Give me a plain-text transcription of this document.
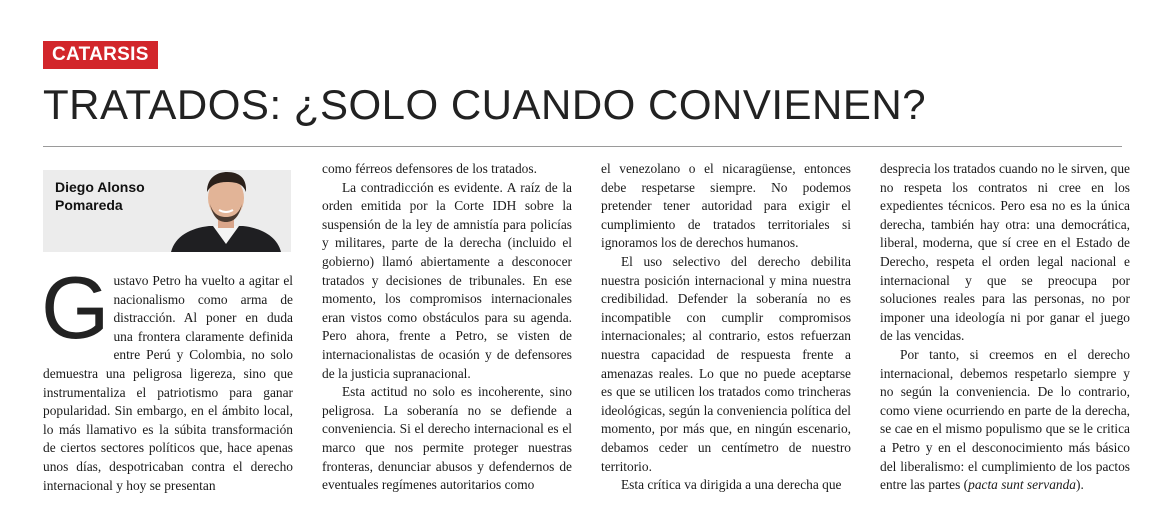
CATARSIS
TRATADOS: ¿SOLO CUANDO CONVIENEN?
Diego Alonso Pomareda
G ustavo Petro ha vuelto a agitar el nacionalismo como arma de distracción. Al poner en duda una frontera claramente definida entre Perú y Colombia, no solo demuestra una peligrosa ligereza, sino que instrumentaliza el patriotismo para ganar popularidad. Sin embargo, en el ámbito local, lo más llamativo es la súbita transformación de ciertos sectores políticos que, hace apenas unos días, despotricaban contra el derecho internacional y hoy se presentan

como férreos defensores de los tratados.

La contradicción es evidente. A raíz de la orden emitida por la Corte IDH sobre la suspensión de la ley de amnistía para policías y militares, parte de la derecha (incluido el gobierno) llamó abiertamente a desconocer tratados y decisiones de tribunales. En ese momento, los compromisos internacionales eran vistos como obstáculos para su agenda. Pero ahora, frente a Petro, se visten de internacionalistas de ocasión y de defensores de la justicia supranacional.

Esta actitud no solo es incoherente, sino peligrosa. La soberanía no se defiende a conveniencia. Si el derecho internacional es el marco que nos permite proteger nuestras fronteras, denunciar abusos y defendernos de eventuales regímenes autoritarios como

el venezolano o el nicaragüense, entonces debe respetarse siempre. No podemos pretender tener autoridad para exigir el cumplimiento de tratados territoriales si ignoramos los de derechos humanos.

El uso selectivo del derecho debilita nuestra posición internacional y mina nuestra credibilidad. Defender la soberanía no es incompatible con cumplir compromisos internacionales; al contrario, estos refuerzan nuestra capacidad de respuesta frente a amenazas reales. Lo que no puede aceptarse es que se utilicen los tratados como trincheras ideológicas, según la conveniencia política del momento, por más que, en ningún escenario, debamos ceder un centímetro de nuestro territorio.

Esta crítica va dirigida a una derecha que

desprecia los tratados cuando no le sirven, que no respeta los contratos ni cree en los expedientes técnicos. Pero esa no es la única derecha, también hay otra: una democrática, liberal, moderna, que sí cree en el Estado de Derecho, respeta el orden legal nacional e internacional y que se preocupa por soluciones reales para las personas, no por imponer una ideología ni por ganar el juego de las vencidas.

Por tanto, si creemos en el derecho internacional, debemos respetarlo siempre y no según la conveniencia. De lo contrario, como viene ocurriendo en parte de la derecha, se cae en el mismo populismo que se le critica a Petro y en el desconocimiento más básico del liberalismo: el cumplimiento de los pactos entre las partes (pacta sunt servanda).
